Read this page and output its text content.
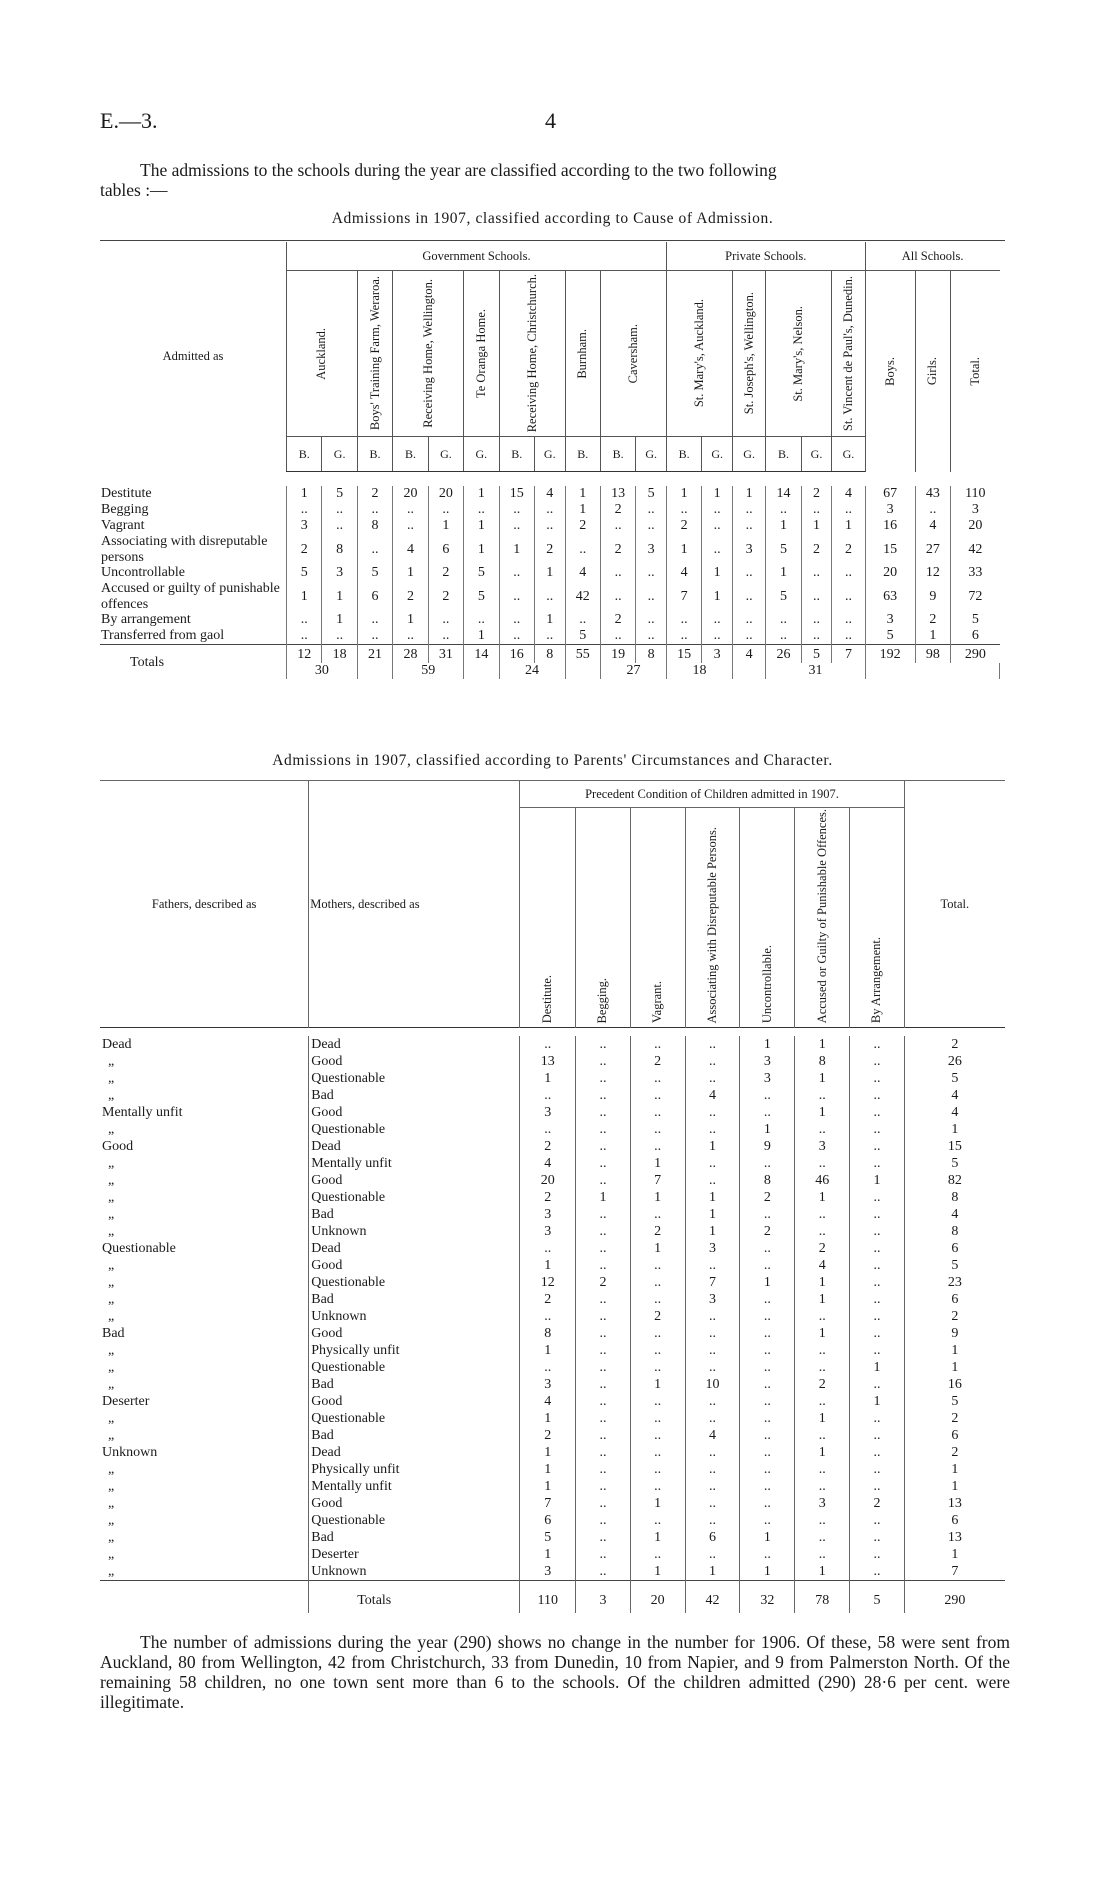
E.—3.	4
The admissions to the schools during the year are classified according to the two following
tables :—
Admissions in 1907, classified according to Cause of Admission.
Admitted as	Government Schools.											Private Schools.						All Schools.			

	Auckland.		Boys' Training Farm, Weraroa.	Receiving Home, Wellington.		Te Oranga Home.	Receiving Home, Christchurch.		Burnham.	Caversham.		St. Mary's, Auckland.		St. Joseph's, Wellington.	St. Mary's, Nelson.		St. Vincent de Paul's, Dunedin.	Boys.	Girls.	Total.	

	B.	G.	B.	B.	G.	G.	B.	G.	B.	B.	G.	B.	G.	G.	B.	G.	G.				

Destitute	1	5	2	20	20	1	15	4	1	13	5	1	1	1	14	2	4	67	43	110	
Begging	..	..	..	..	..	..	..	..	1	2	..	..	..	..	..	..	..	3	..	3	
Vagrant	3	..	8	..	1	1	..	..	2	..	..	2	..	..	1	1	1	16	4	20	
Associating with disreputable persons	2	8	..	4	6	1	1	2	..	2	3	1	..	3	5	2	2	15	27	42	
Uncontrollable	5	3	5	1	2	5	..	1	4	..	..	4	1	..	1	..	..	20	12	33	
Accused or guilty of punishable offences	1	1	6	2	2	5	..	..	42	..	..	7	1	..	5	..	..	63	9	72	
By arrangement	..	1	..	1	..	..	..	1	..	2	..	..	..	..	..	..	..	3	2	5	
Transferred from gaol	..	..	..	..	..	1	..	..	5	..	..	..	..	..	..	..	..	5	1	6	
Totals	12	18	21	28	31	14	16	8	55	19	8	15	3	4	26	5	7	192	98	290	
	30			59			24			27		18			31						
Admissions in 1907, classified according to Parents' Circumstances and Character.
Fathers, described as	Mothers, described as	Precedent Condition of Children admitted in 1907.							Total.

		Destitute.	Begging.	Vagrant.	Associating with Disreputable Persons.	Uncontrollable.	Accused or Guilty of Punishable Offences.	By Arrangement.	

Dead	Dead	..	..	..	..	1	1	..	2
„	Good	13	..	2	..	3	8	..	26
„	Questionable	1	..	..	..	3	1	..	5
„	Bad	..	..	..	4	..	..	..	4
Mentally unfit	Good	3	..	..	..	..	1	..	4
„	Questionable	..	..	..	..	1	..	..	1
Good	Dead	2	..	..	1	9	3	..	15
„	Mentally unfit	4	..	1	..	..	..	..	5
„	Good	20	..	7	..	8	46	1	82
„	Questionable	2	1	1	1	2	1	..	8
„	Bad	3	..	..	1	..	..	..	4
„	Unknown	3	..	2	1	2	..	..	8
Questionable	Dead	..	..	1	3	..	2	..	6
„	Good	1	..	..	..	..	4	..	5
„	Questionable	12	2	..	7	1	1	..	23
„	Bad	2	..	..	3	..	1	..	6
„	Unknown	..	..	2	..	..	..	..	2
Bad	Good	8	..	..	..	..	1	..	9
„	Physically unfit	1	..	..	..	..	..	..	1
„	Questionable	..	..	..	..	..	..	1	1
„	Bad	3	..	1	10	..	2	..	16
Deserter	Good	4	..	..	..	..	..	1	5
„	Questionable	1	..	..	..	..	1	..	2
„	Bad	2	..	..	4	..	..	..	6
Unknown	Dead	1	..	..	..	..	1	..	2
„	Physically unfit	1	..	..	..	..	..	..	1
„	Mentally unfit	1	..	..	..	..	..	..	1
„	Good	7	..	1	..	..	3	2	13
„	Questionable	6	..	..	..	..	..	..	6
„	Bad	5	..	1	6	1	..	..	13
„	Deserter	1	..	..	..	..	..	..	1
„	Unknown	3	..	1	1	1	1	..	7
	Totals	110	3	20	42	32	78	5	290
The number of admissions during the year (290) shows no change in the number for 1906. Of these, 58 were sent from Auckland, 80 from Wellington, 42 from Christchurch, 33 from Dunedin, 10 from Napier, and 9 from Palmerston North. Of the remaining 58 children, no one town sent more than 6 to the schools. Of the children admitted (290) 28·6 per cent. were illegitimate.
